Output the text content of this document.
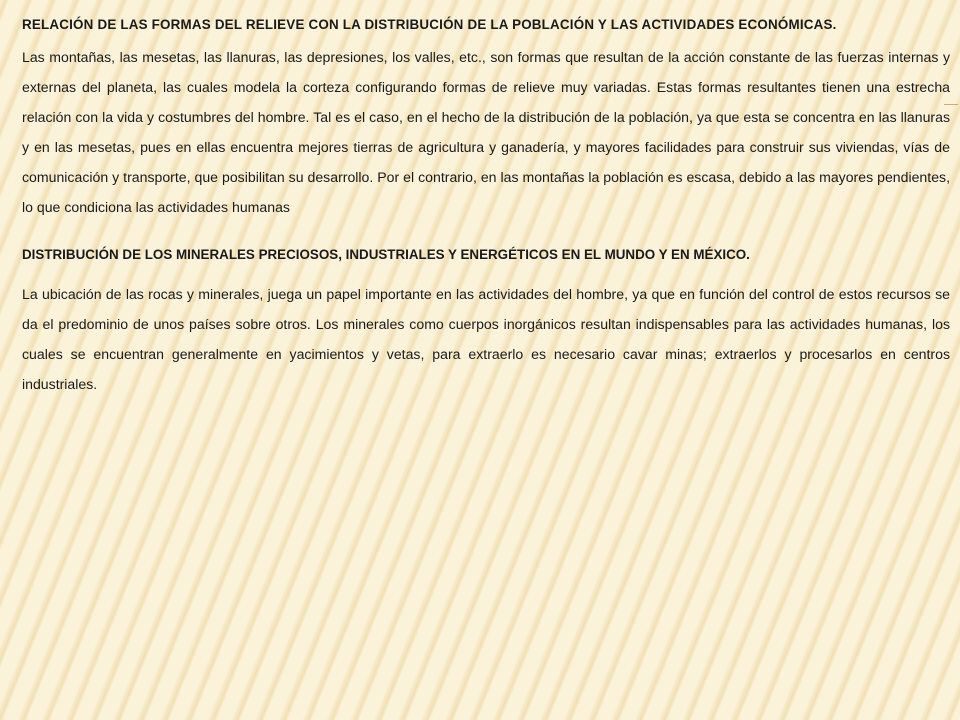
RELACIÓN DE LAS FORMAS DEL RELIEVE CON LA DISTRIBUCIÓN DE LA POBLACIÓN Y LAS ACTIVIDADES ECONÓMICAS.

Las montañas, las mesetas, las llanuras, las depresiones, los valles, etc., son formas que resultan de la acción constante de las fuerzas internas y externas del planeta, las cuales modela la corteza configurando formas de relieve muy variadas. Estas formas resultantes tienen una estrecha relación con la vida y costumbres del hombre. Tal es el caso, en el hecho de la distribución de la población, ya que esta se concentra en las llanuras y en las mesetas, pues en ellas encuentra mejores tierras de agricultura y ganadería, y mayores facilidades para construir sus viviendas, vías de comunicación y transporte, que posibilitan su desarrollo. Por el contrario, en las montañas la población es escasa, debido a las mayores pendientes, lo que condiciona las actividades humanas

DISTRIBUCIÓN DE LOS MINERALES PRECIOSOS, INDUSTRIALES Y ENERGÉTICOS EN EL MUNDO Y EN MÉXICO.

La ubicación de las rocas y minerales, juega un papel importante en las actividades del hombre, ya que en función del control de estos recursos se da el predominio de unos países sobre otros. Los minerales como cuerpos inorgánicos resultan indispensables para las actividades humanas, los cuales se encuentran generalmente en yacimientos y vetas, para extraerlo es necesario cavar minas; extraerlos y procesarlos en centros industriales.
